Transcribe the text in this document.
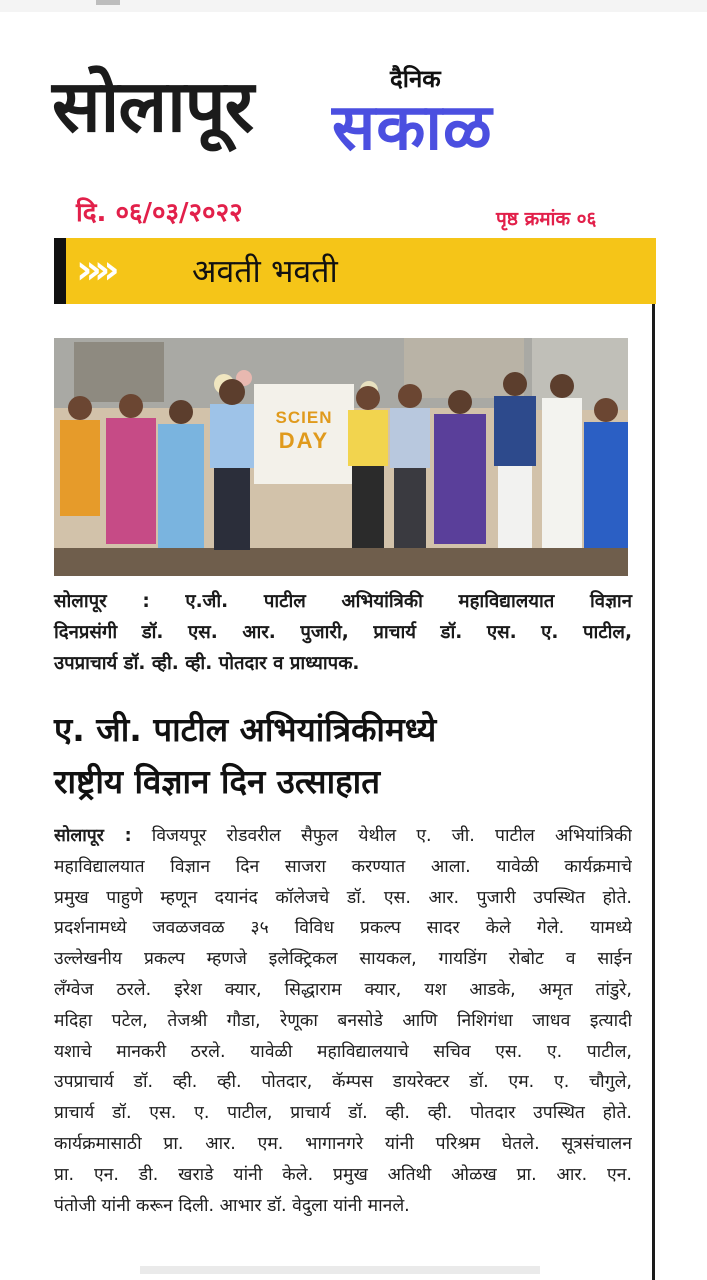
सोलापूर	दैनिक
सकाळ
दि. ०६/०३/२०२२	पृष्ठ क्रमांक ०६
»»	अवती भवती
SCIEN
DAY
सोलापूर : ए.जी. पाटील अभियांत्रिकी महाविद्यालयात विज्ञान
दिनप्रसंगी डॉ. एस. आर. पुजारी, प्राचार्य डॉ. एस. ए. पाटील,
उपप्राचार्य डॉ. व्ही. व्ही. पोतदार व प्राध्यापक.
ए. जी. पाटील अभियांत्रिकीमध्ये
राष्ट्रीय विज्ञान दिन उत्साहात
सोलापूर : विजयपूर रोडवरील सैफुल येथील ए. जी. पाटील अभियांत्रिकी
महाविद्यालयात विज्ञान दिन साजरा करण्यात आला. यावेळी कार्यक्रमाचे
प्रमुख पाहुणे म्हणून दयानंद कॉलेजचे डॉ. एस. आर. पुजारी उपस्थित होते.
प्रदर्शनामध्ये जवळजवळ ३५ विविध प्रकल्प सादर केले गेले. यामध्ये
उल्लेखनीय प्रकल्प म्हणजे इलेक्ट्रिकल सायकल, गायडिंग रोबोट व साईन
लँग्वेज ठरले. इरेश क्यार, सिद्धाराम क्यार, यश आडके, अमृत तांडुरे,
मदिहा पटेल, तेजश्री गौडा, रेणूका बनसोडे आणि निशिगंधा जाधव इत्यादी
यशाचे मानकरी ठरले. यावेळी महाविद्यालयाचे सचिव एस. ए. पाटील,
उपप्राचार्य डॉ. व्ही. व्ही. पोतदार, कॅम्पस डायरेक्टर डॉ. एम. ए. चौगुले,
प्राचार्य डॉ. एस. ए. पाटील, प्राचार्य डॉ. व्ही. व्ही. पोतदार उपस्थित होते.
कार्यक्रमासाठी प्रा. आर. एम. भागानगरे यांनी परिश्रम घेतले. सूत्रसंचालन
प्रा. एन. डी. खराडे यांनी केले. प्रमुख अतिथी ओळख प्रा. आर. एन.
पंतोजी यांनी करून दिली. आभार डॉ. वेदुला यांनी मानले.
